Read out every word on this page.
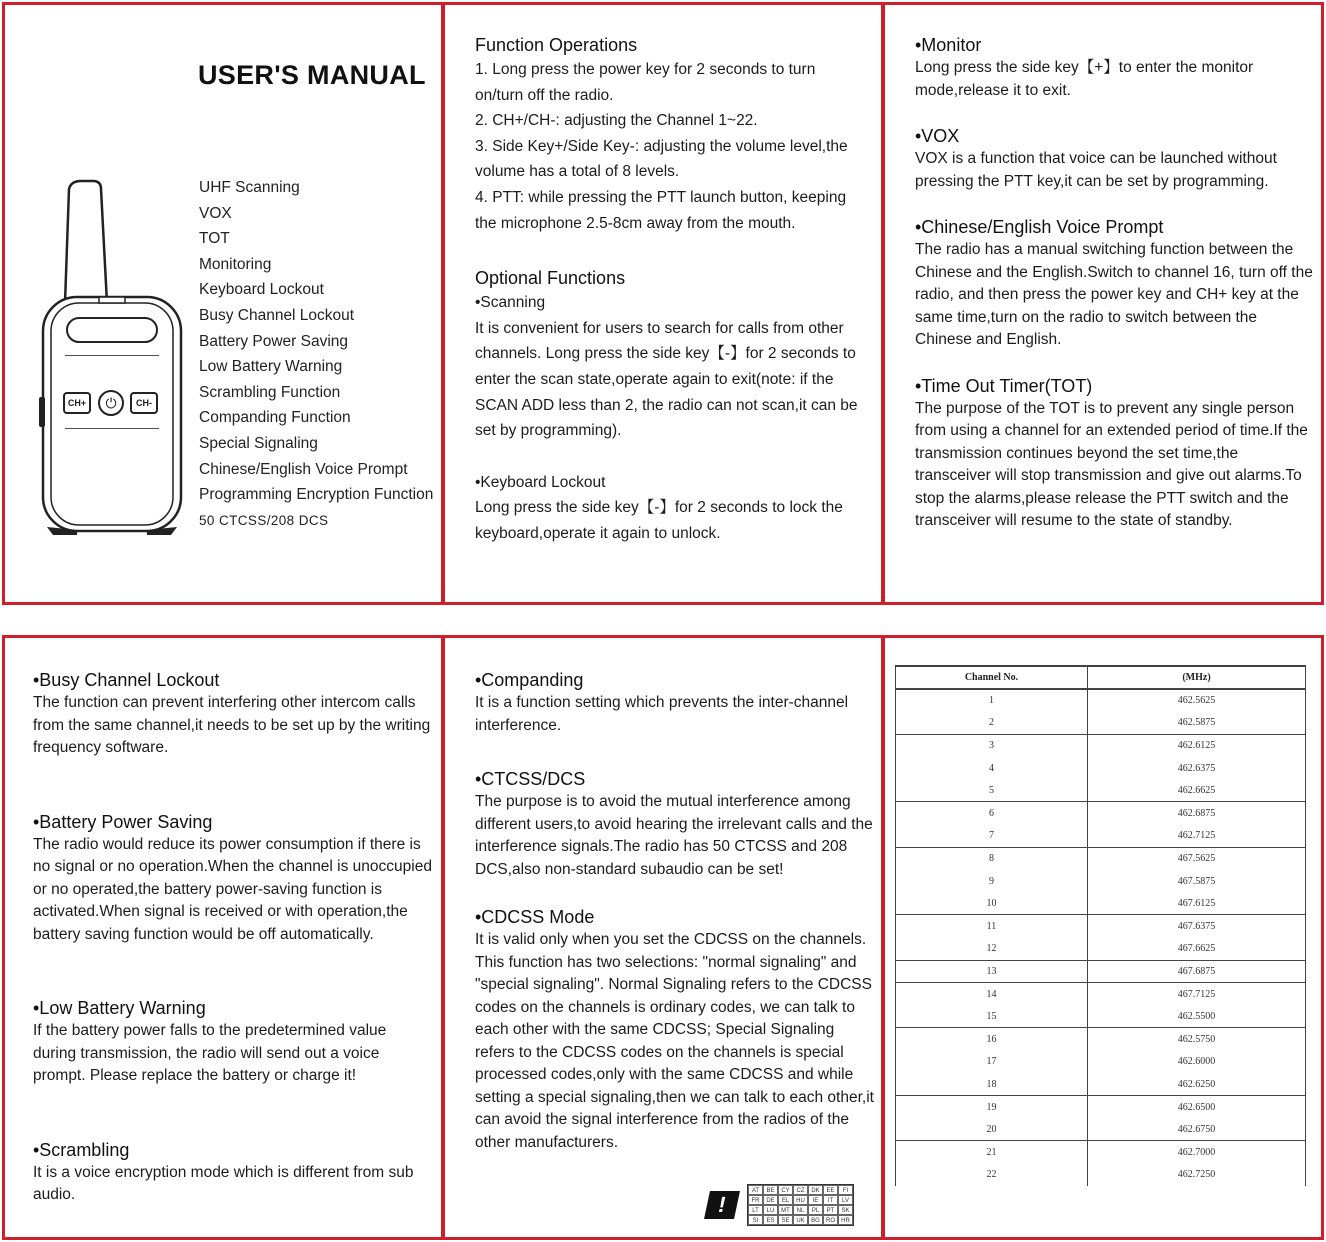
USER'S MANUAL
CH+	⏻	CH-
UHF Scanning
VOX
TOT
Monitoring
Keyboard Lockout
Busy Channel Lockout
Battery Power Saving
Low Battery Warning
Scrambling Function
Companding Function
Special Signaling
Chinese/English Voice Prompt
Programming Encryption Function
50 CTCSS/208 DCS
Function Operations

1. Long press the power key for 2 seconds to turn on/turn off the radio.

2. CH+/CH-: adjusting the Channel 1~22.

3. Side Key+/Side Key-: adjusting the volume level,the volume has a total of 8 levels.

4. PTT: while pressing the PTT launch button, keeping the microphone 2.5-8cm away from the mouth.

Optional Functions

•Scanning

It is convenient for users to search for calls from other channels. Long press the side key【-】for 2 seconds to enter the scan state,operate again to exit(note: if the SCAN ADD less than 2, the radio can not scan,it can be set by programming).

•Keyboard Lockout

Long press the side key【-】for 2 seconds to lock the keyboard,operate it again to unlock.

•Monitor

Long press the side key【+】to enter the monitor mode,release it to exit.

•VOX

VOX is a function that voice can be launched without pressing the PTT key,it can be set by programming.

•Chinese/English Voice Prompt

The radio has a manual switching function between the Chinese and the English.Switch to channel 16, turn off the radio, and then press the power key and CH+ key at the same time,turn on the radio to switch between the Chinese and English.

•Time Out Timer(TOT)

The purpose of the TOT is to prevent any single person from using a channel for an extended period of time.If the transmission continues beyond the set time,the transceiver will stop transmission and give out alarms.To stop the alarms,please release the PTT switch and the transceiver will resume to the state of standby.

•Busy Channel Lockout

The function can prevent interfering other intercom calls from the same channel,it needs to be set up by the writing frequency software.

•Battery Power Saving

The radio would reduce its power consumption if there is no signal or no operation.When the channel is unoccupied or no operated,the battery power-saving function is activated.When signal is received or with operation,the battery saving function would be off automatically.

•Low Battery Warning

If the battery power falls to the predetermined value during transmission, the radio will send out a voice prompt. Please replace the battery or charge it!

•Scrambling

It is a voice encryption mode which is different from sub audio.

•Companding

It is a function setting which prevents the inter-channel interference.

•CTCSS/DCS

The purpose is to avoid the mutual interference among different users,to avoid hearing the irrelevant calls and the interference signals.The radio has 50 CTCSS and 208 DCS,also non-standard subaudio can be set!

•CDCSS Mode

It is valid only when you set the CDCSS on the channels. This function has two selections: "normal signaling" and "special signaling". Normal Signaling refers to the CDCSS codes on the channels is ordinary codes, we can talk to each other with the same CDCSS; Special Signaling refers to the CDCSS codes on the channels is special processed codes,only with the same CDCSS and while setting a special signaling,then we can talk to each other,it can avoid the signal interference from the radios of the other manufacturers.

!
AT	BE	CY	CZ	DK	EE	FI
FR	DE	EL	HU	IE	IT	LV
LT	LU	MT	NL	PL	PT	SK
SI	ES	SE	UK	BG	RO	HR
Channel No.	(MHz)
1	462.5625
2	462.5875
3	462.6125
4	462.6375
5	462.6625
6	462.6875
7	462.7125
8	467.5625
9	467.5875
10	467.6125
11	467.6375
12	467.6625
13	467.6875
14	467.7125
15	462.5500
16	462.5750
17	462.6000
18	462.6250
19	462.6500
20	462.6750
21	462.7000
22	462.7250
